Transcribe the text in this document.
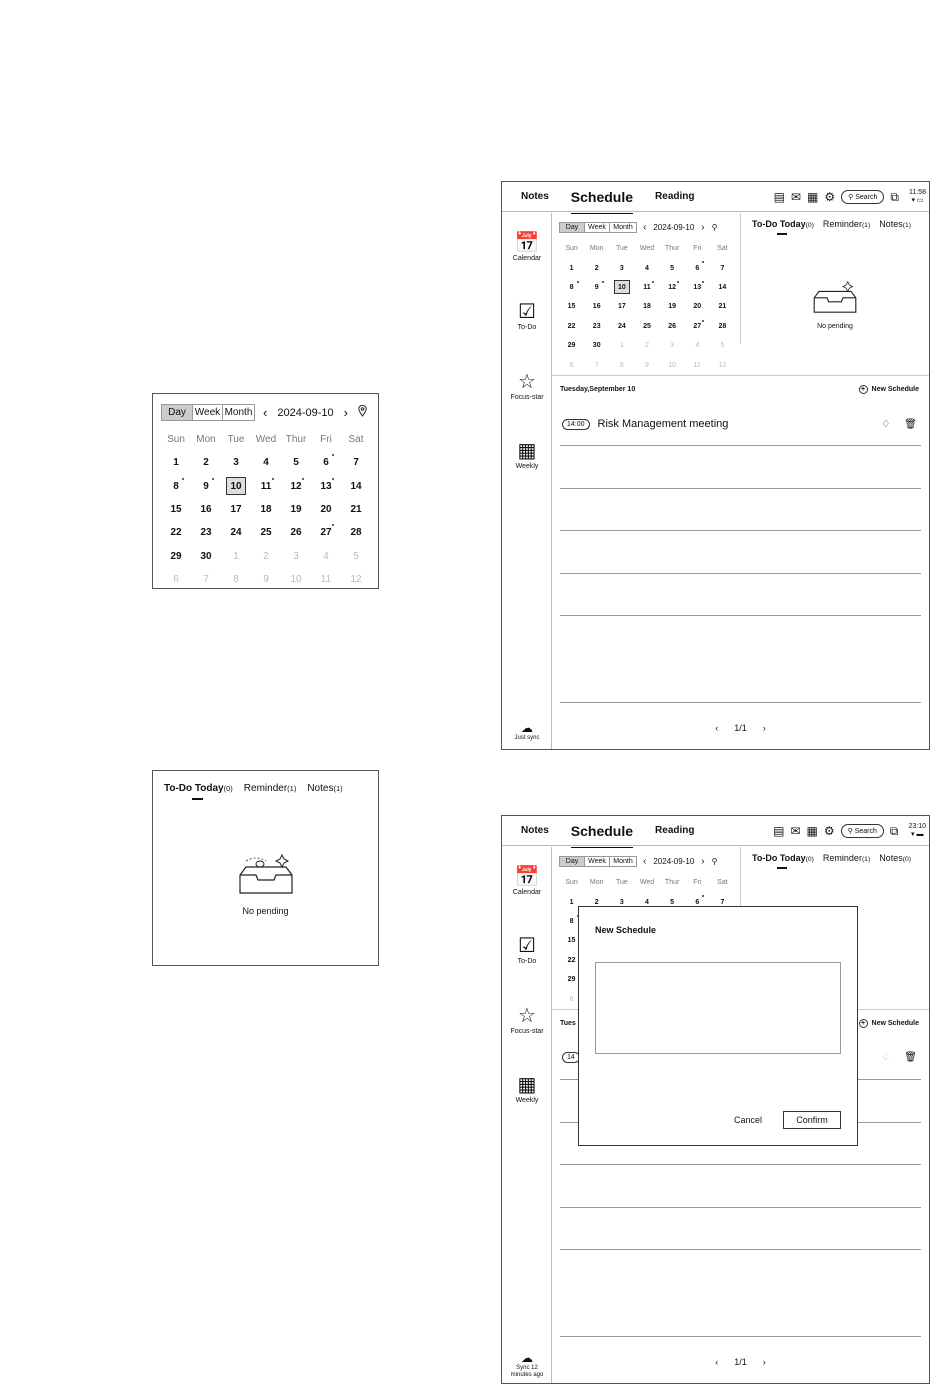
Day Week Month ‹ 2024-09-10 ›
Sun	Mon	Tue	Wed Thur	Fri	Sat
1	2	3	4	5	6	7
8	9	10	11	12	13	14
15	16	17	18	19	20	21
22	23	24	25	26	27	28
29	30	1	2	3	4	5
6	7	8	9	10	11	12
To-Do Today(0) Reminder(1) Notes(1)
No pending
Notes Schedule Reading	▤ ✉ ▦ ⚙	⚲ Search	⧉ 11:58
▾ ▭
📅
Calendar
☑
To-Do
☆
Focus-star
▦
Weekly
☁
Just sync
Day	Week	Month	‹ 2024-09-10 › ⚲
Sun	Mon	Tue	Wed	Thur	Fri	Sat
1	2	3	4	5	6	7
8	9	10	11	12	13	14
15	16	17	18	19	20	21
22	23	24	25	26	27	28
29	30	1	2	3	4	5
6	7	8	9	10	11	12
To-Do Today(0) Reminder(1) Notes(1)
No pending
Tuesday,September 10	+ New Schedule
14:00	Risk Management meeting	♢ 🗑
‹ 1/1 ›
Notes Schedule Reading	▤ ✉ ▦ ⚙	⚲ Search	⧉ 23:10
▾ ▬
📅
Calendar
☑
To-Do
☆
Focus-star
▦
Weekly
☁
Sync 12
minutes ago
Day	Week	Month	‹ 2024-09-10 › ⚲
Sun	Mon	Tue	Wed	Thur	Fri	Sat
1	2	3	4	5	6	7
8
15
22
29
6
To-Do Today(0) Reminder(1) Notes(0)
Tues	+ New Schedule
14	♢ 🗑
‹ 1/1 ›
New Schedule
Cancel	Confirm
